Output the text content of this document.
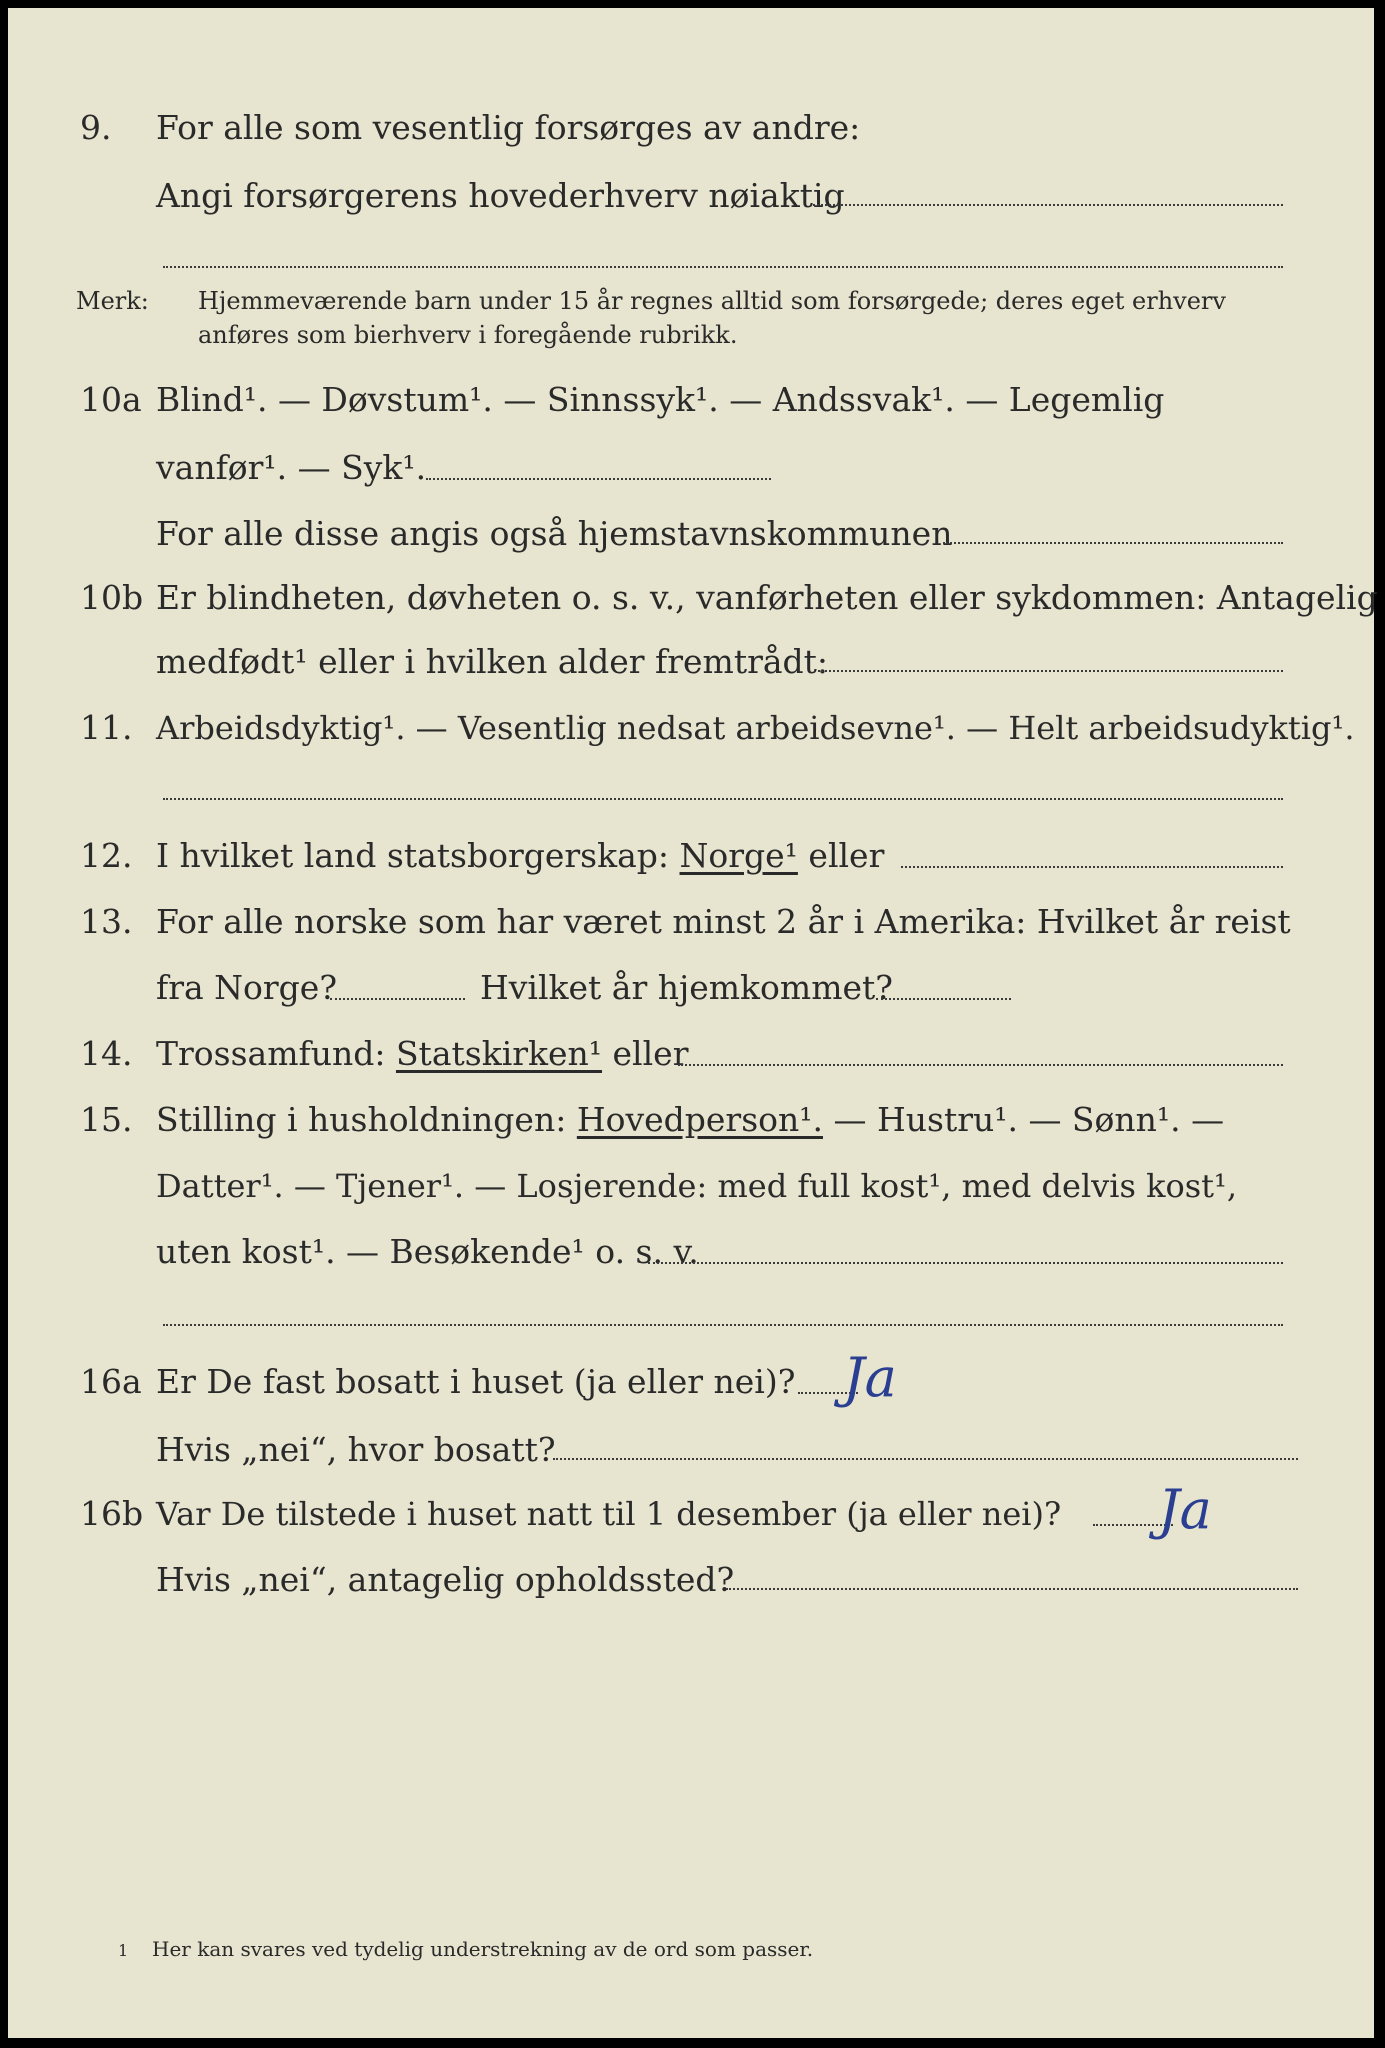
9. For alle som vesentlig forsørges av andre:
Angi forsørgerens hovederhverv nøiaktig
Merk: Hjemmeværende barn under 15 år regnes alltid som forsørgede; deres eget erhverv
anføres som bierhverv i foregående rubrikk.
10a Blind¹. — Døvstum¹. — Sinnssyk¹. — Andssvak¹. — Legemlig
vanfør¹. — Syk¹.
For alle disse angis også hjemstavnskommunen
10b Er blindheten, døvheten o. s. v., vanførheten eller sykdommen: Antagelig
medfødt¹ eller i hvilken alder fremtrådt:
11. Arbeidsdyktig¹. — Vesentlig nedsat arbeidsevne¹. — Helt arbeidsudyktig¹.
12. I hvilket land statsborgerskap: Norge¹ eller
13. For alle norske som har været minst 2 år i Amerika: Hvilket år reist
fra Norge?	Hvilket år hjemkommet?
14. Trossamfund: Statskirken¹ eller
15. Stilling i husholdningen: Hovedperson¹. — Hustru¹. — Sønn¹. —
Datter¹. — Tjener¹. — Losjerende: med full kost¹, med delvis kost¹,
uten kost¹. — Besøkende¹ o. s. v.
16a Er De fast bosatt i huset (ja eller nei)? Ja
Hvis „nei“, hvor bosatt?
16b Var De tilstede i huset natt til 1 desember (ja eller nei)? Ja
Hvis „nei“, antagelig opholdssted?
1 Her kan svares ved tydelig understrekning av de ord som passer.
